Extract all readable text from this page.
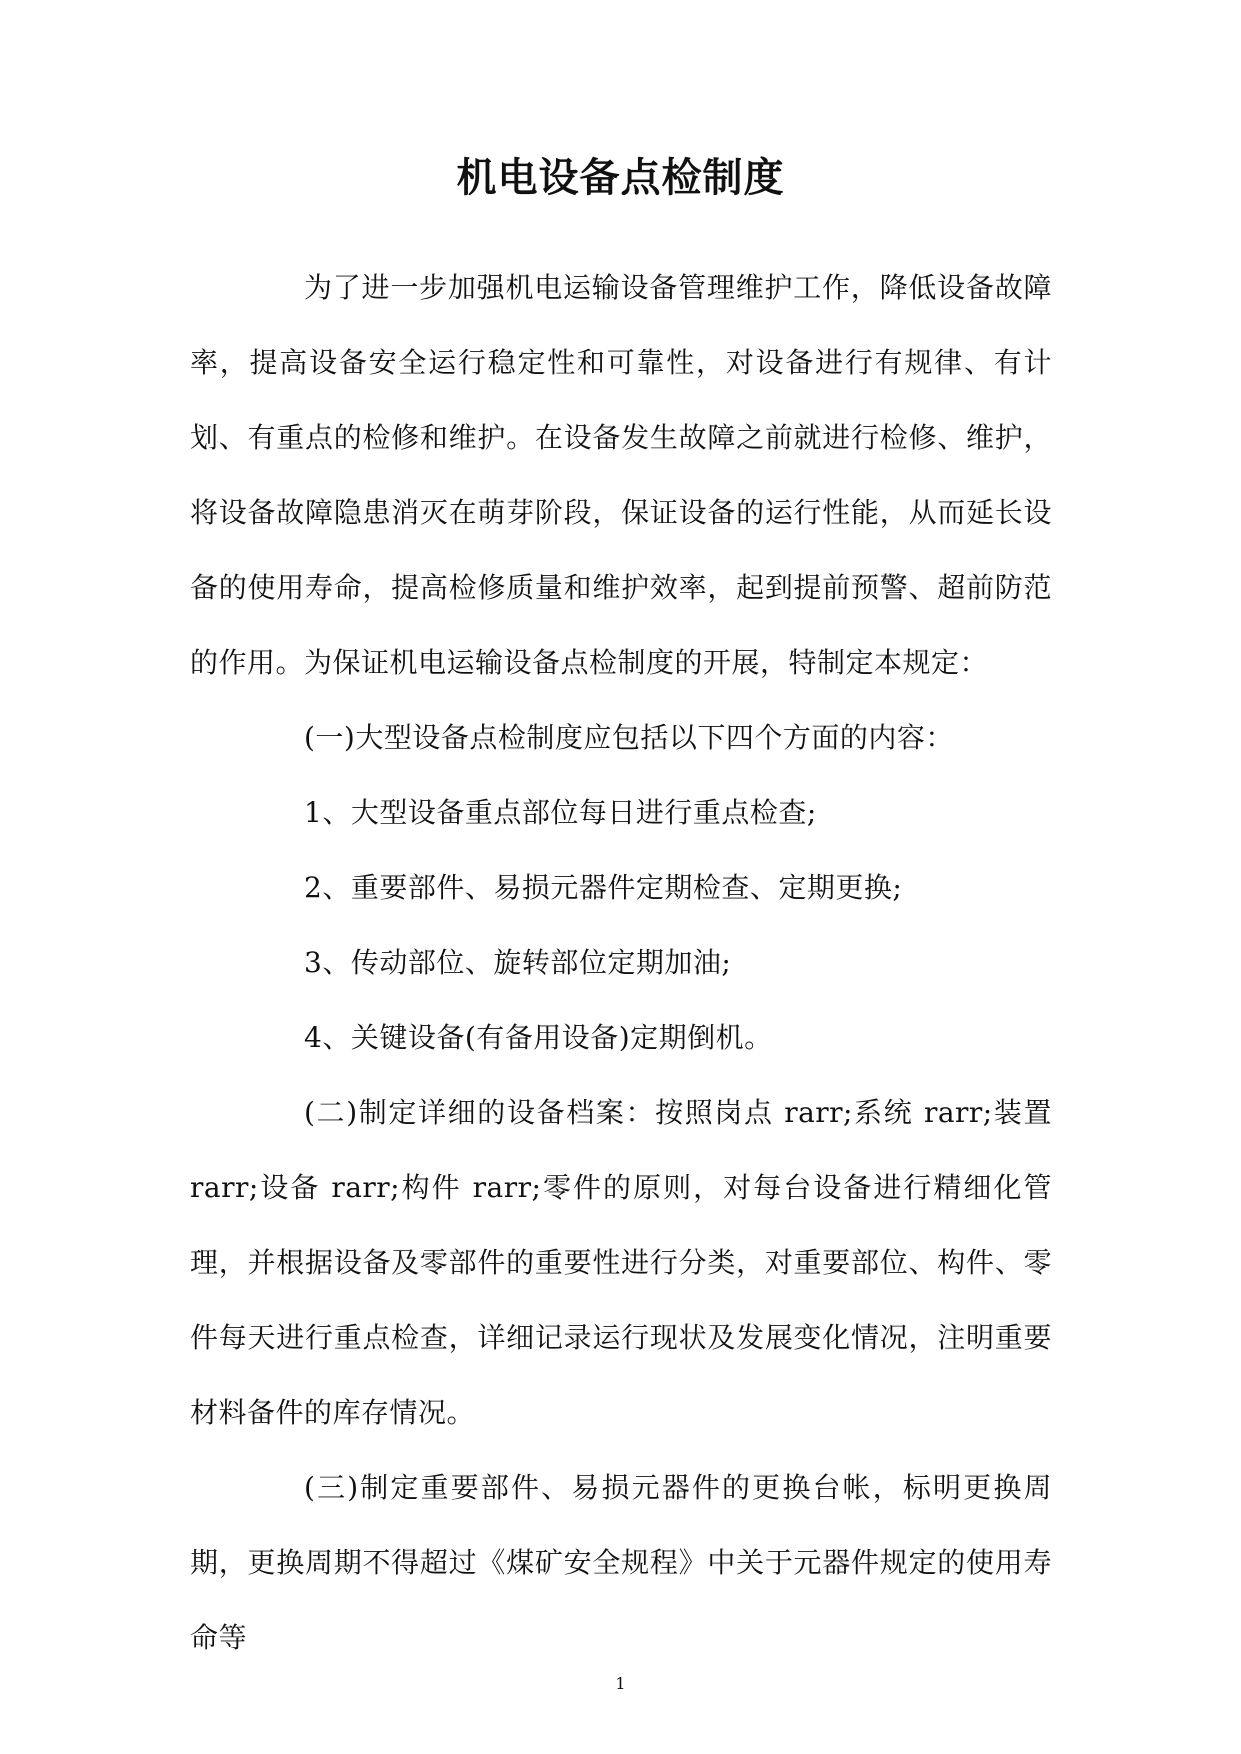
机电设备点检制度

为了进一步加强机电运输设备管理维护工作，降低设备故障率，提高设备安全运行稳定性和可靠性，对设备进行有规律、有计划、有重点的检修和维护。在设备发生故障之前就进行检修、维护，将设备故障隐患消灭在萌芽阶段，保证设备的运行性能，从而延长设备的使用寿命，提高检修质量和维护效率，起到提前预警、超前防范的作用。为保证机电运输设备点检制度的开展，特制定本规定：

(一)大型设备点检制度应包括以下四个方面的内容：

1、大型设备重点部位每日进行重点检查;

2、重要部件、易损元器件定期检查、定期更换;

3、传动部位、旋转部位定期加油;

4、关键设备(有备用设备)定期倒机。

(二)制定详细的设备档案：按照岗点 rarr;系统 rarr;装置 rarr;设备 rarr;构件 rarr;零件的原则，对每台设备进行精细化管理，并根据设备及零部件的重要性进行分类，对重要部位、构件、零件每天进行重点检查，详细记录运行现状及发展变化情况，注明重要材料备件的库存情况。

(三)制定重要部件、易损元器件的更换台帐，标明更换周期，更换周期不得超过《煤矿安全规程》中关于元器件规定的使用寿命等

1
